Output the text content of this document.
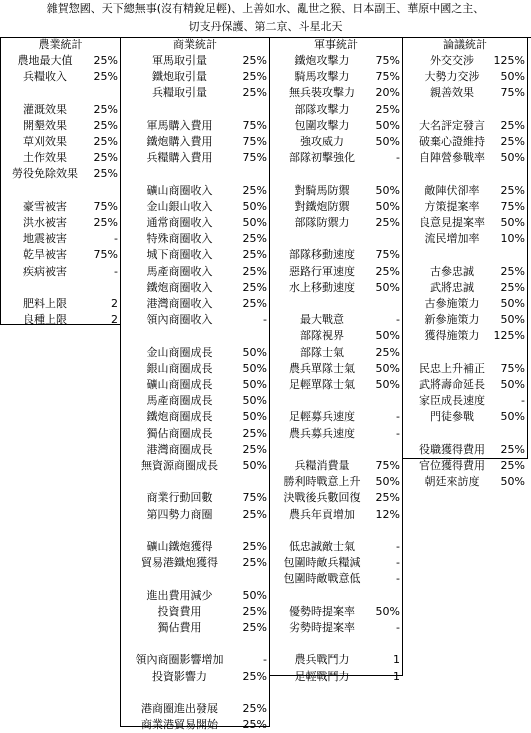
雜賀惣國、天下總無事(沒有精銳足輕)、上善如水、亂世之猴、日本副王、華原中國之主、
切支丹保護、第二京、斗星北天
農業統計
農地最大值	25%
兵糧收入	25%
灌溉效果	25%
開墾效果	25%
草刈效果	25%
土作效果	25%
勞役免除效果	25%
豪雪被害	75%
洪水被害	25%
地震被害	-
乾旱被害	75%
疾病被害	-
肥料上限	2
良種上限	2
商業統計
軍馬取引量	25%
鐵炮取引量	25%
兵糧取引量	25%
軍馬購入費用	75%
鐵炮購入費用	75%
兵糧購入費用	75%
礦山商圈收入	25%
金山銀山收入	50%
通常商圈收入	50%
特殊商圈收入	25%
城下商圈收入	25%
馬產商圈收入	25%
鐵炮商圈收入	25%
港灣商圈收入	25%
領內商圈收入	-
金山商圈成長	50%
銀山商圈成長	50%
礦山商圈成長	50%
馬產商圈成長	50%
鐵炮商圈成長	50%
獨佔商圈成長	25%
港灣商圈成長	25%
無資源商圈成長	50%
商業行動回數	75%
第四勢力商圈	25%
礦山鐵炮獲得	25%
貿易港鐵炮獲得	25%
進出費用減少	50%
投資費用	25%
獨佔費用	25%
領內商圈影響增加	-
投資影響力	25%
港商圈進出發展	25%
商業港貿易開始	25%
軍事統計
鐵炮攻擊力	75%
騎馬攻擊力	75%
無兵裝攻擊力	20%
部隊攻擊力	25%
包圍攻擊力	50%
強攻威力	50%
部隊初擊強化	-
對騎馬防禦	50%
對鐵炮防禦	50%
部隊防禦力	25%
部隊移動速度	75%
惡路行軍速度	25%
水上移動速度	50%
最大戰意	-
部隊視界	50%
部隊士氣	25%
農兵單隊士氣	50%
足輕單隊士氣	50%
足輕募兵速度	-
農兵募兵速度	-
兵糧消費量	75%
勝利時戰意上升	50%
決戰後兵數回復	25%
農兵年貢增加	12%
低忠誠敵士氣	-
包圍時敵兵糧減	-
包圍時敵戰意低	-
優勢時提案率	50%
劣勢時提案率	-
農兵戰鬥力	1
足輕戰鬥力	1
論議統計
外交交涉	125%
大勢力交涉	50%
親善效果	75%
大名評定發言	25%
破棄心證維持	25%
自陣營參戰率	50%
敵陣伏卻率	25%
方策提案率	75%
良意見提案率	50%
流民增加率	10%
古參忠誠	25%
武將忠誠	25%
古參施策力	50%
新參施策力	50%
獲得施策力	125%
民忠上升補正	75%
武將壽命延長	50%
家臣成長速度	-
門徒參戰	50%
役職獲得費用	25%
官位獲得費用	25%
朝廷來訪度	50%
